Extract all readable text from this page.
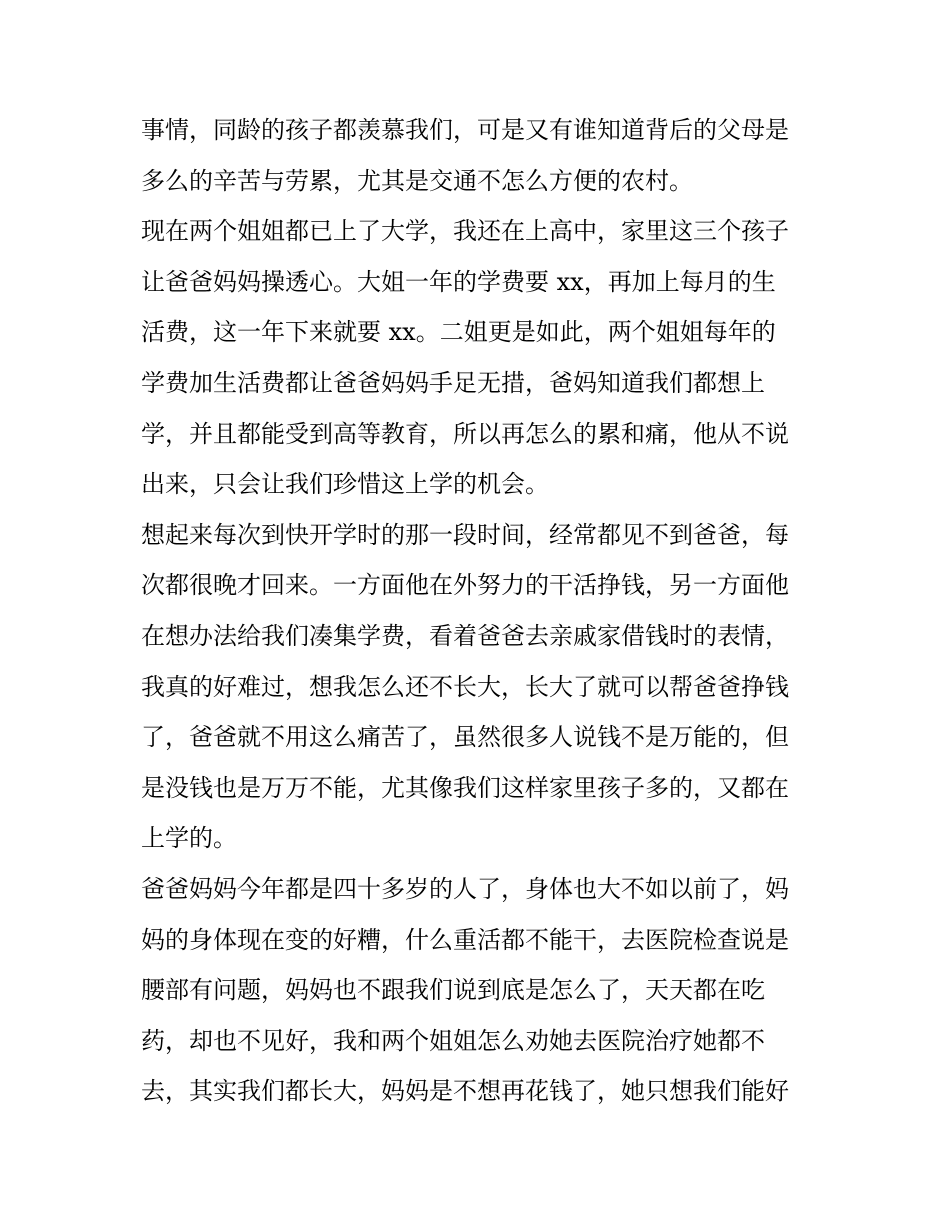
事情，同龄的孩子都羡慕我们，可是又有谁知道背后的父母是
多么的辛苦与劳累，尤其是交通不怎么方便的农村。
现在两个姐姐都已上了大学，我还在上高中，家里这三个孩子
让爸爸妈妈操透心。大姐一年的学费要 xx，再加上每月的生
活费，这一年下来就要 xx。二姐更是如此，两个姐姐每年的
学费加生活费都让爸爸妈妈手足无措，爸妈知道我们都想上
学，并且都能受到高等教育，所以再怎么的累和痛，他从不说
出来，只会让我们珍惜这上学的机会。
想起来每次到快开学时的那一段时间，经常都见不到爸爸，每
次都很晚才回来。一方面他在外努力的干活挣钱，另一方面他
在想办法给我们凑集学费，看着爸爸去亲戚家借钱时的表情，
我真的好难过，想我怎么还不长大，长大了就可以帮爸爸挣钱
了，爸爸就不用这么痛苦了，虽然很多人说钱不是万能的，但
是没钱也是万万不能，尤其像我们这样家里孩子多的，又都在
上学的。
爸爸妈妈今年都是四十多岁的人了，身体也大不如以前了，妈
妈的身体现在变的好糟，什么重活都不能干，去医院检查说是
腰部有问题，妈妈也不跟我们说到底是怎么了，天天都在吃
药，却也不见好，我和两个姐姐怎么劝她去医院治疗她都不
去，其实我们都长大，妈妈是不想再花钱了，她只想我们能好
